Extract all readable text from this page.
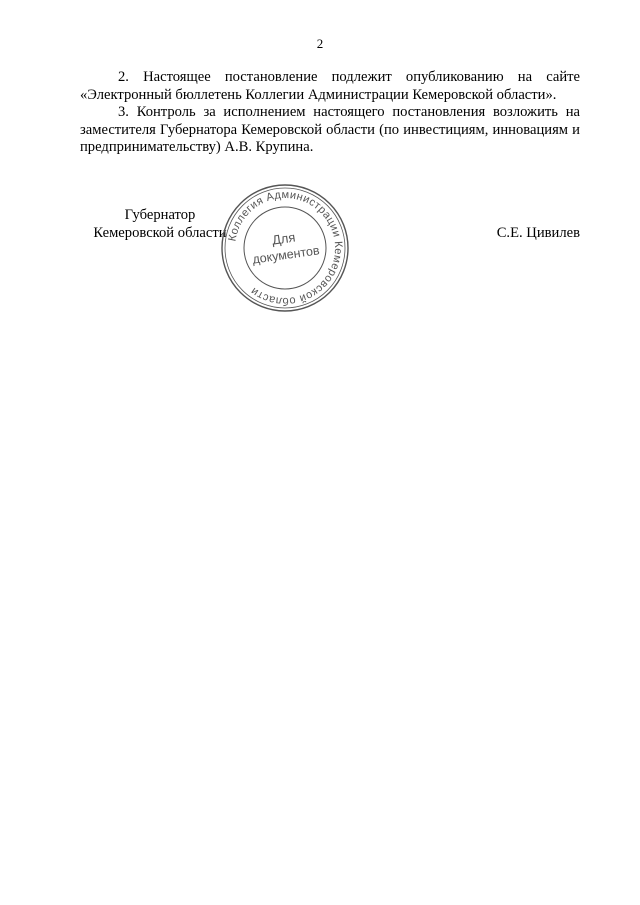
2

2. Настоящее постановление подлежит опубликованию на сайте «Электронный бюллетень Коллегии Администрации Кемеровской области».

3. Контроль за исполнением настоящего постановления возложить на заместителя Губернатора Кемеровской области (по инвестициям, инновациям и предпринимательству) А.В. Крупина.

Губернатор
Кемеровской области Коллегия Администрации Кемеровской области
Для
документов
С.Е. Цивилев
